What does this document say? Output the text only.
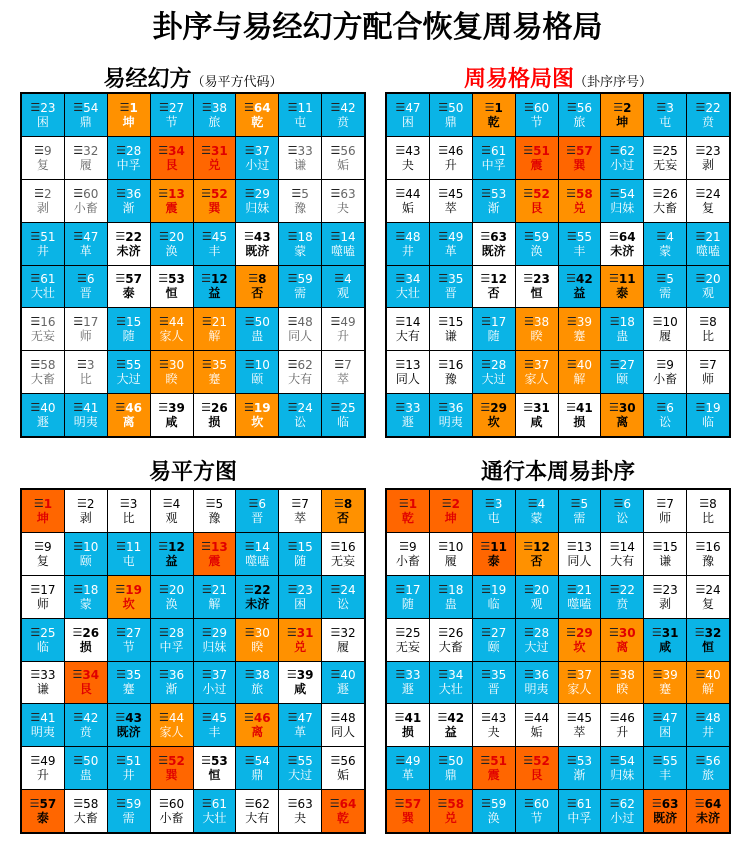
卦序与易经幻方配合恢复周易格局
易经幻方（易平方代码）	周易格局图（卦序序号）
易平方图	通行本周易卦序
☰ 23
困
☰ 54
鼎
☰ 1
坤
☰ 27
节
☰ 38
旅
☰ 64
乾
☰ 11
屯
☰ 42
贲
☰ 9
复
☰ 32
履
☰ 28
中孚
☰ 34
艮
☰ 31
兑
☰ 37
小过
☰ 33
谦
☰ 56
姤
☰ 2
剥
☰ 60
小畜
☰ 36
渐
☰ 13
震
☰ 52
巽
☰ 29
归妹
☰ 5
豫
☰ 63
夬
☰ 51
井
☰ 47
革
☰ 22
未济
☰ 20
涣
☰ 45
丰
☰ 43
既济
☰ 18
蒙
☰ 14
噬嗑
☰ 61
大壮
☰ 6
晋
☰ 57
泰
☰ 53
恒
☰ 12
益
☰ 8
否
☰ 59
需
☰ 4
观
☰ 16
无妄
☰ 17
师
☰ 15
随
☰ 44
家人
☰ 21
解
☰ 50
蛊
☰ 48
同人
☰ 49
升
☰ 58
大畜
☰ 3
比
☰ 55
大过
☰ 30
睽
☰ 35
蹇
☰ 10
颐
☰ 62
大有
☰ 7
萃
☰ 40
遯
☰ 41
明夷
☰ 46
离
☰ 39
咸
☰ 26
损
☰ 19
坎
☰ 24
讼
☰ 25
临
☰ 47
困
☰ 50
鼎
☰ 1
乾
☰ 60
节
☰ 56
旅
☰ 2
坤
☰ 3
屯
☰ 22
贲
☰ 43
夬
☰ 46
升
☰ 61
中孚
☰ 51
震
☰ 57
巽
☰ 62
小过
☰ 25
无妄
☰ 23
剥
☰ 44
姤
☰ 45
萃
☰ 53
渐
☰ 52
艮
☰ 58
兑
☰ 54
归妹
☰ 26
大畜
☰ 24
复
☰ 48
井
☰ 49
革
☰ 63
既济
☰ 59
涣
☰ 55
丰
☰ 64
未济
☰ 4
蒙
☰ 21
噬嗑
☰ 34
大壮
☰ 35
晋
☰ 12
否
☰ 23
恒
☰ 42
益
☰ 11
泰
☰ 5
需
☰ 20
观
☰ 14
大有
☰ 15
谦
☰ 17
随
☰ 38
睽
☰ 39
蹇
☰ 18
蛊
☰ 10
履
☰ 8
比
☰ 13
同人
☰ 16
豫
☰ 28
大过
☰ 37
家人
☰ 40
解
☰ 27
颐
☰ 9
小畜
☰ 7
师
☰ 33
遯
☰ 36
明夷
☰ 29
坎
☰ 31
咸
☰ 41
损
☰ 30
离
☰ 6
讼
☰ 19
临
☰ 1
坤
☰ 2
剥
☰ 3
比
☰ 4
观
☰ 5
豫
☰ 6
晋
☰ 7
萃
☰ 8
否
☰ 9
复
☰ 10
颐
☰ 11
屯
☰ 12
益
☰ 13
震
☰ 14
噬嗑
☰ 15
随
☰ 16
无妄
☰ 17
师
☰ 18
蒙
☰ 19
坎
☰ 20
涣
☰ 21
解
☰ 22
未济
☰ 23
困
☰ 24
讼
☰ 25
临
☰ 26
损
☰ 27
节
☰ 28
中孚
☰ 29
归妹
☰ 30
睽
☰ 31
兑
☰ 32
履
☰ 33
谦
☰ 34
艮
☰ 35
蹇
☰ 36
渐
☰ 37
小过
☰ 38
旅
☰ 39
咸
☰ 40
遯
☰ 41
明夷
☰ 42
贲
☰ 43
既济
☰ 44
家人
☰ 45
丰
☰ 46
离
☰ 47
革
☰ 48
同人
☰ 49
升
☰ 50
蛊
☰ 51
井
☰ 52
巽
☰ 53
恒
☰ 54
鼎
☰ 55
大过
☰ 56
姤
☰ 57
泰
☰ 58
大畜
☰ 59
需
☰ 60
小畜
☰ 61
大壮
☰ 62
大有
☰ 63
夬
☰ 64
乾
☰ 1
乾
☰ 2
坤
☰ 3
屯
☰ 4
蒙
☰ 5
需
☰ 6
讼
☰ 7
师
☰ 8
比
☰ 9
小畜
☰ 10
履
☰ 11
泰
☰ 12
否
☰ 13
同人
☰ 14
大有
☰ 15
谦
☰ 16
豫
☰ 17
随
☰ 18
蛊
☰ 19
临
☰ 20
观
☰ 21
噬嗑
☰ 22
贲
☰ 23
剥
☰ 24
复
☰ 25
无妄
☰ 26
大畜
☰ 27
颐
☰ 28
大过
☰ 29
坎
☰ 30
离
☰ 31
咸
☰ 32
恒
☰ 33
遯
☰ 34
大壮
☰ 35
晋
☰ 36
明夷
☰ 37
家人
☰ 38
睽
☰ 39
蹇
☰ 40
解
☰ 41
损
☰ 42
益
☰ 43
夬
☰ 44
姤
☰ 45
萃
☰ 46
升
☰ 47
困
☰ 48
井
☰ 49
革
☰ 50
鼎
☰ 51
震
☰ 52
艮
☰ 53
渐
☰ 54
归妹
☰ 55
丰
☰ 56
旅
☰ 57
巽
☰ 58
兑
☰ 59
涣
☰ 60
节
☰ 61
中孚
☰ 62
小过
☰ 63
既济
☰ 64
未济
